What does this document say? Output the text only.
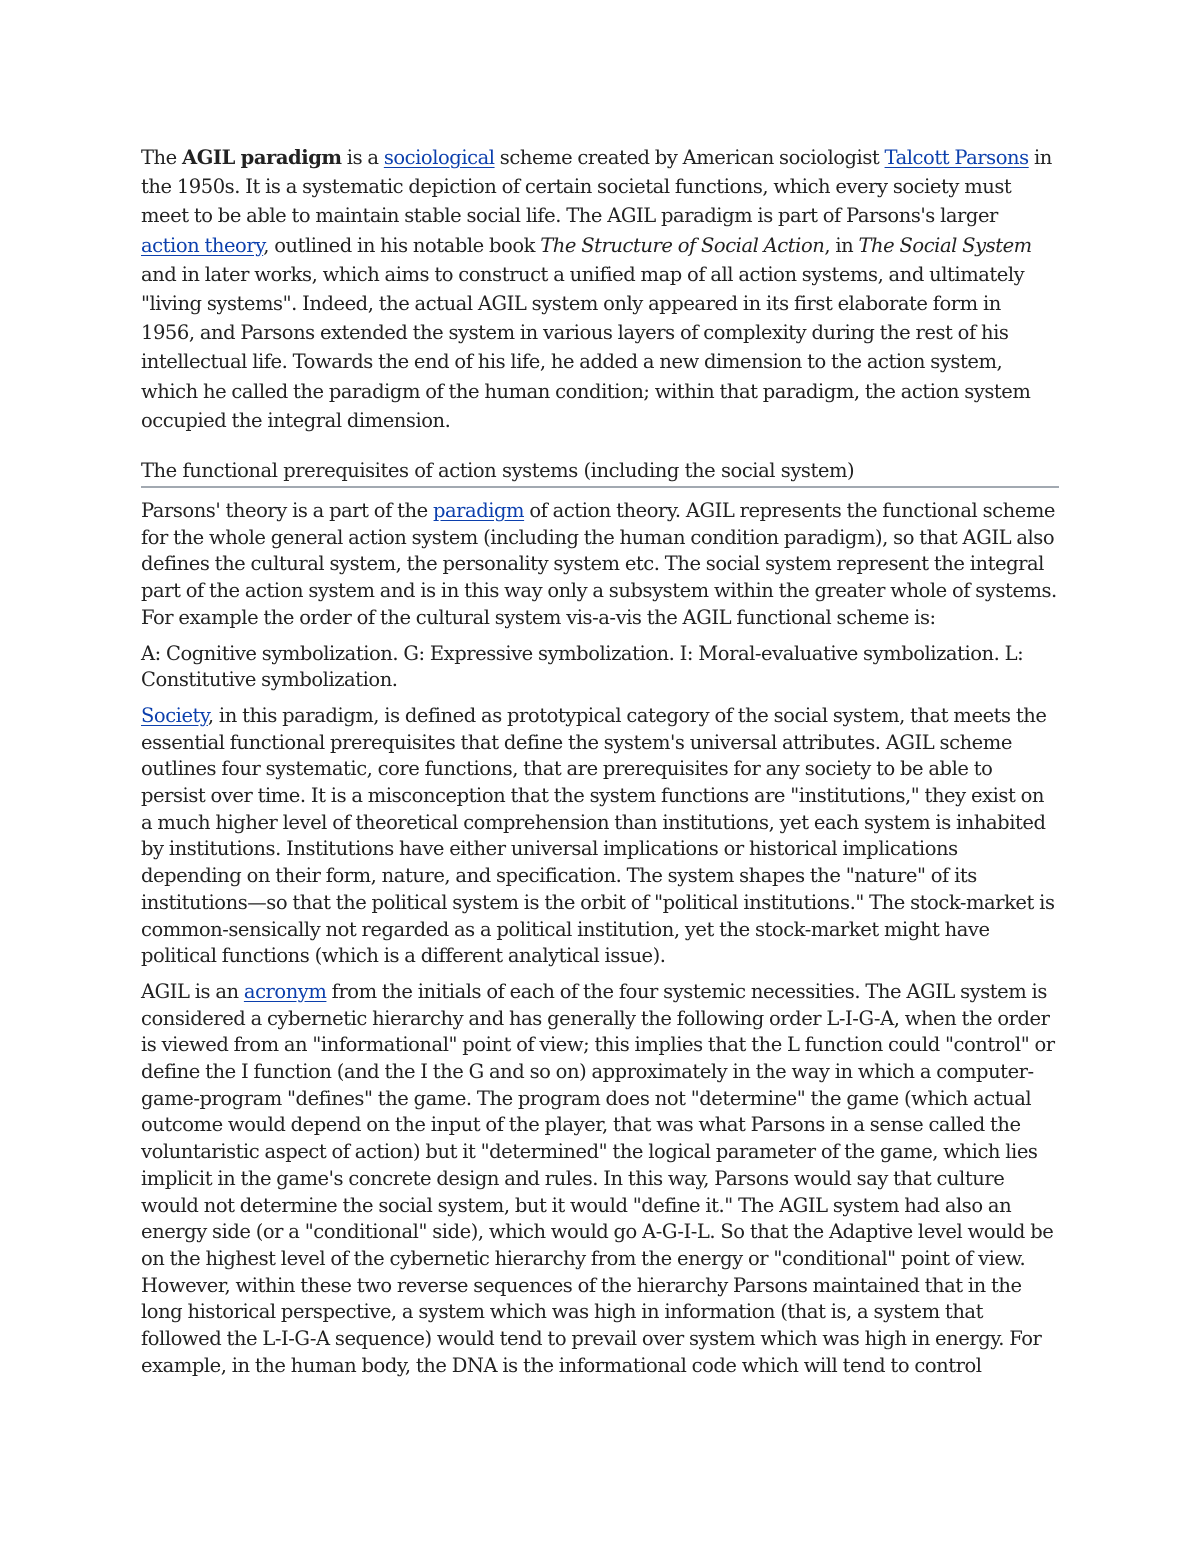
The AGIL paradigm is a sociological scheme created by American sociologist Talcott Parsons in the 1950s. It is a systematic depiction of certain societal functions, which every society must meet to be able to maintain stable social life. The AGIL paradigm is part of Parsons's larger action theory, outlined in his notable book The Structure of Social Action, in The Social System and in later works, which aims to construct a unified map of all action systems, and ultimately "living systems". Indeed, the actual AGIL system only appeared in its first elaborate form in 1956, and Parsons extended the system in various layers of complexity during the rest of his intellectual life. Towards the end of his life, he added a new dimension to the action system, which he called the paradigm of the human condition; within that paradigm, the action system occupied the integral dimension.
The functional prerequisites of action systems (including the social system)

Parsons' theory is a part of the paradigm of action theory. AGIL represents the functional scheme for the whole general action system (including the human condition paradigm), so that AGIL also defines the cultural system, the personality system etc. The social system represent the integral part of the action system and is in this way only a subsystem within the greater whole of systems. For example the order of the cultural system vis-a-vis the AGIL functional scheme is:

A: Cognitive symbolization. G: Expressive symbolization. I: Moral-evaluative symbolization. L: Constitutive symbolization.

Society, in this paradigm, is defined as prototypical category of the social system, that meets the essential functional prerequisites that define the system's universal attributes. AGIL scheme outlines four systematic, core functions, that are prerequisites for any society to be able to persist over time. It is a misconception that the system functions are "institutions," they exist on a much higher level of theoretical comprehension than institutions, yet each system is inhabited by institutions. Institutions have either universal implications or historical implications depending on their form, nature, and specification. The system shapes the "nature" of its institutions—so that the political system is the orbit of "political institutions." The stock-market is common-sensically not regarded as a political institution, yet the stock-market might have political functions (which is a different analytical issue).

AGIL is an acronym from the initials of each of the four systemic necessities. The AGIL system is considered a cybernetic hierarchy and has generally the following order L-I-G-A, when the order is viewed from an "informational" point of view; this implies that the L function could "control" or define the I function (and the I the G and so on) approximately in the way in which a computer-game-program "defines" the game. The program does not "determine" the game (which actual outcome would depend on the input of the player, that was what Parsons in a sense called the voluntaristic aspect of action) but it "determined" the logical parameter of the game, which lies implicit in the game's concrete design and rules. In this way, Parsons would say that culture would not determine the social system, but it would "define it." The AGIL system had also an energy side (or a "conditional" side), which would go A-G-I-L. So that the Adaptive level would be on the highest level of the cybernetic hierarchy from the energy or "conditional" point of view. However, within these two reverse sequences of the hierarchy Parsons maintained that in the long historical perspective, a system which was high in information (that is, a system that followed the L-I-G-A sequence) would tend to prevail over system which was high in energy. For example, in the human body, the DNA is the informational code which will tend to control
